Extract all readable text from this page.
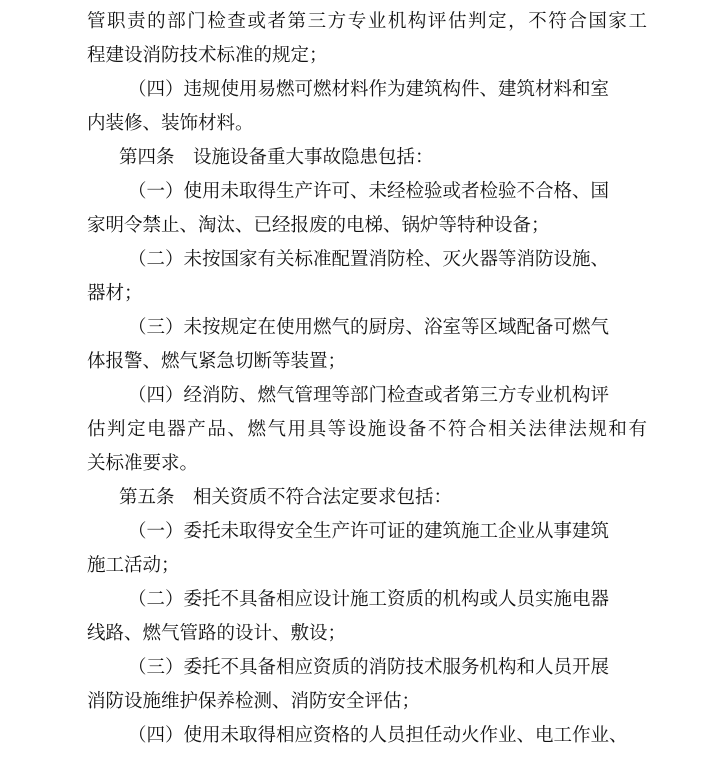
管职责的部门检查或者第三方专业机构评估判定，不符合国家工
程建设消防技术标准的规定；
（四）违规使用易燃可燃材料作为建筑构件、建筑材料和室
内装修、装饰材料。
第四条　设施设备重大事故隐患包括：
（一）使用未取得生产许可、未经检验或者检验不合格、国
家明令禁止、淘汰、已经报废的电梯、锅炉等特种设备；
（二）未按国家有关标准配置消防栓、灭火器等消防设施、
器材；
（三）未按规定在使用燃气的厨房、浴室等区域配备可燃气
体报警、燃气紧急切断等装置；
（四）经消防、燃气管理等部门检查或者第三方专业机构评
估判定电器产品、燃气用具等设施设备不符合相关法律法规和有
关标准要求。
第五条　相关资质不符合法定要求包括：
（一）委托未取得安全生产许可证的建筑施工企业从事建筑
施工活动；
（二）委托不具备相应设计施工资质的机构或人员实施电器
线路、燃气管路的设计、敷设；
（三）委托不具备相应资质的消防技术服务机构和人员开展
消防设施维护保养检测、消防安全评估；
（四）使用未取得相应资格的人员担任动火作业、电工作业、
